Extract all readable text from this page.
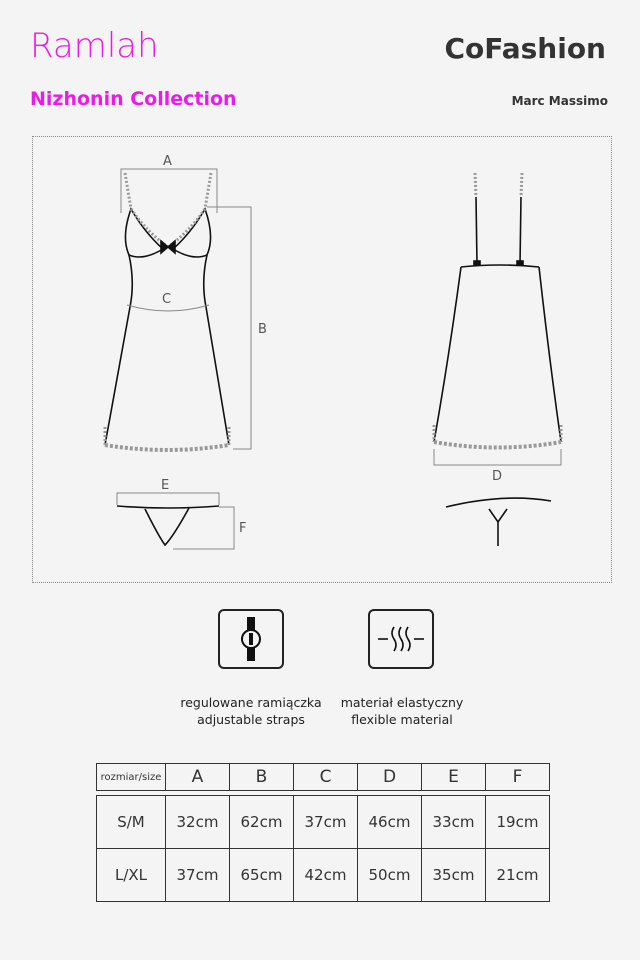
Ramlah
Nizhonin Collection
CoFashion
Marc Massimo
A
B
C
E
F
D
regulowane ramiączka
adjustable straps
materiał elastyczny
flexible material
rozmiar/size	A	B	C	D	E	F

S/M	32cm	62cm	37cm	46cm	33cm	19cm
L/XL	37cm	65cm	42cm	50cm	35cm	21cm
